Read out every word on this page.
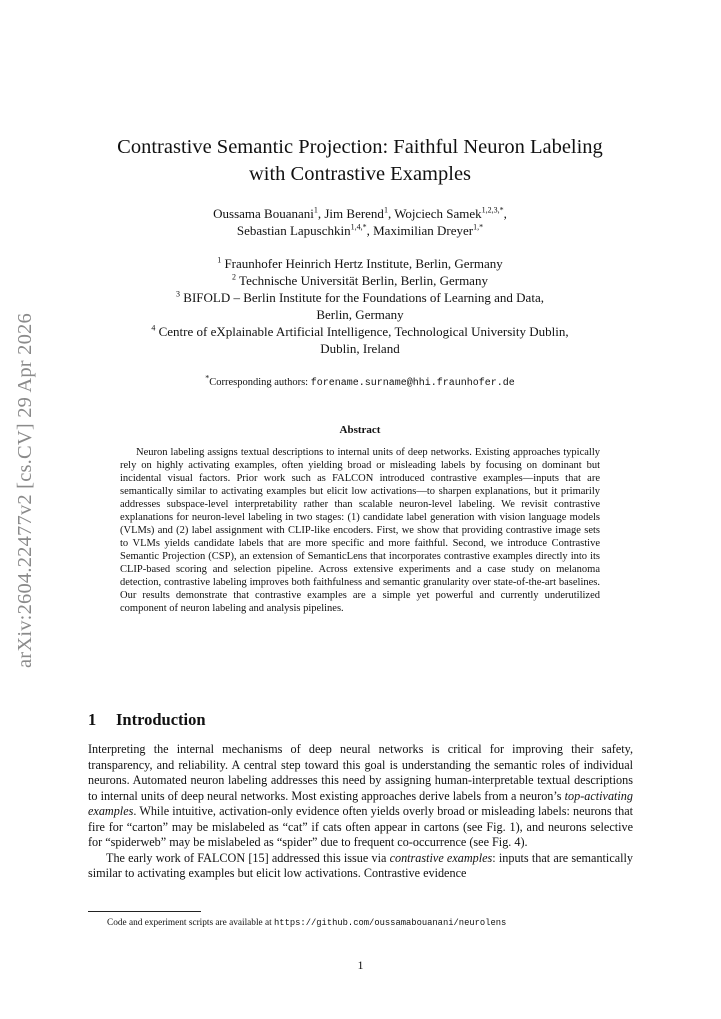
arXiv:2604.22477v2 [cs.CV] 29 Apr 2026
Contrastive Semantic Projection: Faithful Neuron Labeling
with Contrastive Examples
Oussama Bouanani$^1$, Jim Berend$^1$, Wojciech Samek$^{1,2,3,*}$,
Sebastian Lapuschkin$^{1,4,*}$, Maximilian Dreyer$^{1,*}$
$^1$ Fraunhofer Heinrich Hertz Institute, Berlin, Germany
$^2$ Technische Universität Berlin, Berlin, Germany
$^3$ BIFOLD – Berlin Institute for the Foundations of Learning and Data,
Berlin, Germany
$^4$ Centre of eXplainable Artificial Intelligence, Technological University Dublin,
Dublin, Ireland
*Corresponding authors: forename.surname@hhi.fraunhofer.de
Abstract

Neuron labeling assigns textual descriptions to internal units of deep networks. Existing approaches typically rely on highly activating examples, often yielding broad or misleading labels by focusing on dominant but incidental visual factors. Prior work such as FALCON introduced contrastive examples—inputs that are semantically similar to activating examples but elicit low activations—to sharpen explanations, but it primarily addresses subspace-level interpretability rather than scalable neuron-level labeling. We revisit contrastive explanations for neuron-level labeling in two stages: (1) candidate label generation with vision language models (VLMs) and (2) label assignment with CLIP-like encoders. First, we show that providing contrastive image sets to VLMs yields candidate labels that are more specific and more faithful. Second, we introduce Contrastive Semantic Projection (CSP), an extension of SemanticLens that incorporates contrastive examples directly into its CLIP-based scoring and selection pipeline. Across extensive experiments and a case study on melanoma detection, contrastive labeling improves both faithfulness and semantic granularity over state-of-the-art baselines. Our results demonstrate that contrastive examples are a simple yet powerful and currently underutilized component of neuron labeling and analysis pipelines.

1 Introduction

Interpreting the internal mechanisms of deep neural networks is critical for improving their safety, transparency, and reliability. A central step toward this goal is understanding the semantic roles of individual neurons. Automated neuron labeling addresses this need by assigning human-interpretable textual descriptions to internal units of deep neural networks. Most existing approaches derive labels from a neuron’s top-activating examples. While intuitive, activation-only evidence often yields overly broad or misleading labels: neurons that fire for “carton” may be mislabeled as “cat” if cats often appear in cartons (see Fig. 1), and neurons selective for “spiderweb” may be mislabeled as “spider” due to frequent co-occurrence (see Fig. 4).

The early work of FALCON [15] addressed this issue via contrastive examples: inputs that are semantically similar to activating examples but elicit low activations. Contrastive evidence

Code and experiment scripts are available at https://github.com/oussamabouanani/neurolens
1
